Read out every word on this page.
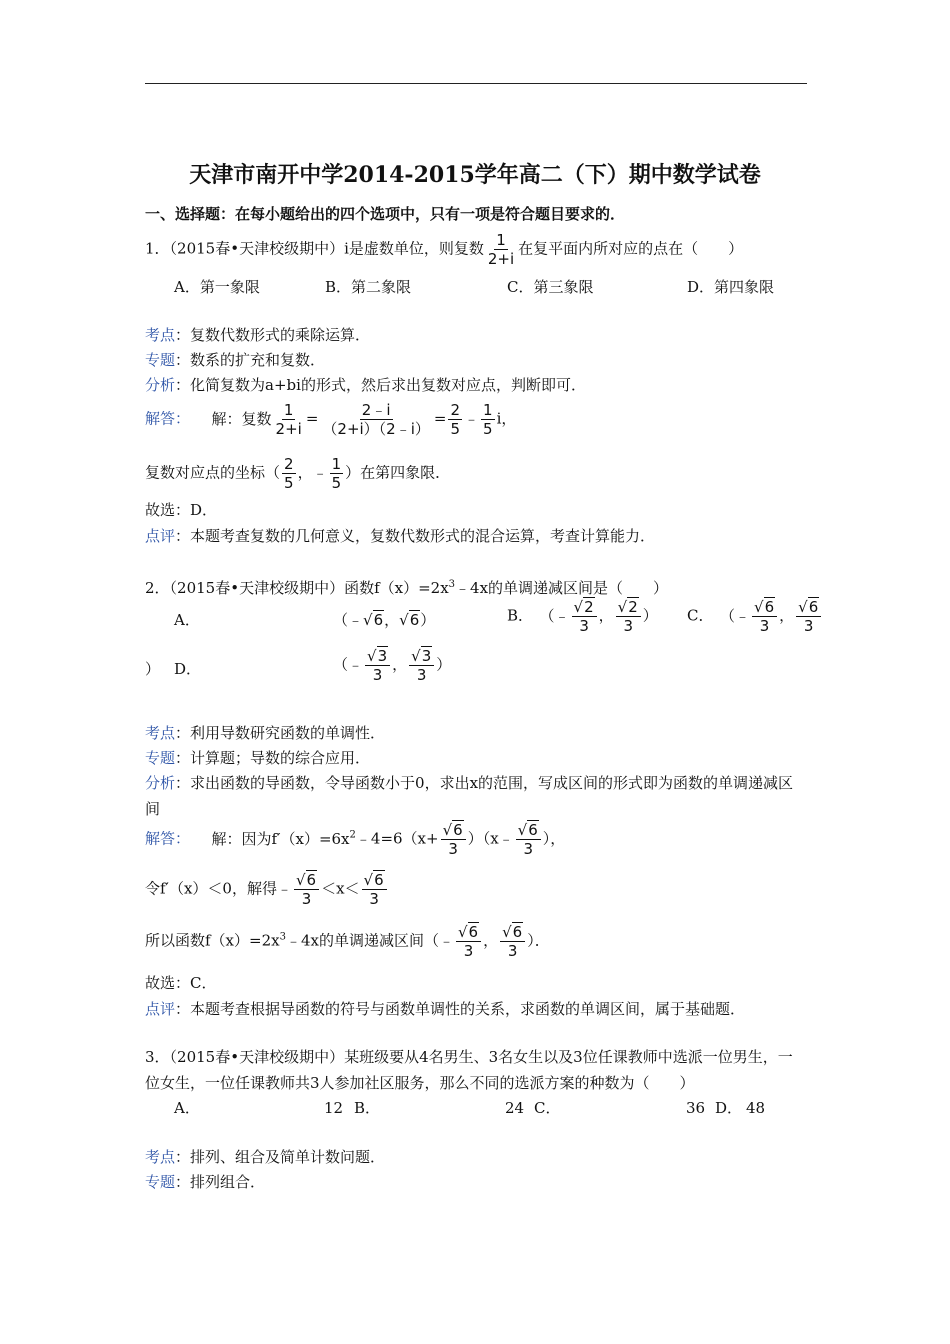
天津市南开中学2014-2015学年高二（下）期中数学试卷
一、选择题：在每小题给出的四个选项中，只有一项是符合题目要求的．
1．（2015春•天津校级期中）i是虚数单位，则复数 $\frac{1}{2+i}$ 在复平面内所对应的点在（　　）
A．第一象限	B．第二象限	C．第三象限	D．第四象限
考点：复数代数形式的乘除运算．
专题：数系的扩充和复数．
分析：化简复数为a+bi的形式，然后求出复数对应点，判断即可．
解答：　解：复数 $\frac{1}{2+i} = \frac{2﹣i}{(2+i)(2﹣i)} = \frac{2}{5}$ ﹣ $\frac{1}{5}$ i，
复数对应点的坐标（ $\frac{2}{5}$ ，﹣ $\frac{1}{5}$ ）在第四象限．
故选：D．
点评：本题考查复数的几何意义，复数代数形式的混合运算，考查计算能力．
2．（2015春•天津校级期中）函数$f(x)=2x^3﹣4x$的单调递减区间是（　　）
A．	（﹣√6，√6）	B． （﹣ $\frac{√2}{3}$ ， $\frac{√2}{3}$ ） C． （﹣ $\frac{√6}{3}$ ， $\frac{√6}{3}$
） D．	（﹣ $\frac{√3}{3}$ ， $\frac{√3}{3}$ ）
考点：利用导数研究函数的单调性．
专题：计算题；导数的综合应用．
分析：求出函数的导函数，令导函数小于0，求出x的范围，写成区间的形式即为函数的单调递减区间
解答：　解：因为$f'(x)=6x^2﹣4=6(x+ \frac{√6}{3}$ ）（x﹣ $\frac{√6}{3}$ ），
令f′（x）＜0，解得﹣ $\frac{√6}{3} <x< \frac{√6}{3}$
所以函数$f(x)=2x^3﹣4x$的单调递减区间（﹣ $\frac{√6}{3}$ ， $\frac{√6}{3}$ ）．
故选：C．
点评：本题考查根据导函数的符号与函数单调性的关系，求函数的单调区间，属于基础题．
3．（2015春•天津校级期中）某班级要从4名男生、3名女生以及3位任课教师中选派一位男生，一位女生，一位任课教师共3人参加社区服务，那么不同的选派方案的种数为（　　）
A．	12 B．	24 C．	36 D． 48
考点：排列、组合及简单计数问题．
专题：排列组合．
